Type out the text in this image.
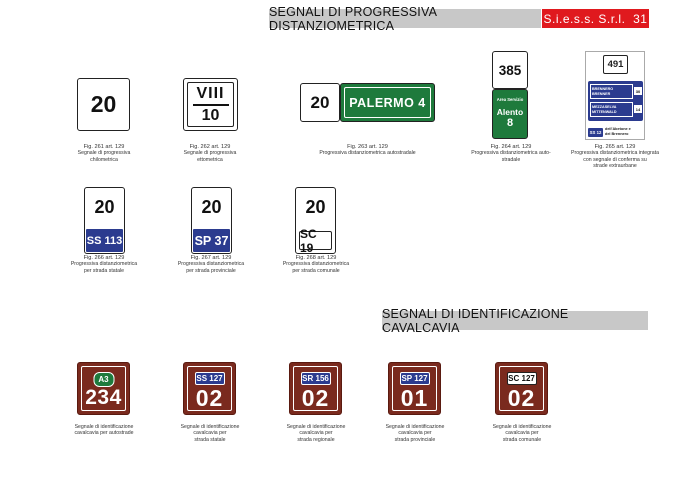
SEGNALI DI PROGRESSIVA DISTANZIOMETRICA	S.i.e.s.s. S.r.l.
31
20
Fig. 261 art. 129
Segnale di progressiva
chilometrica
VIII
10
Fig. 262 art. 129
Segnale di progressiva
ettometrica
20	PALERMO 4
Fig. 263 art. 129
Progressiva distanziometrica autostradale
385
Area Servizio
Alento
8
Fig. 264 art. 129
Progressiva distanziometrica auto-
stradale
491
BRENNERO
BRENNER
30
MEZZASELVA
MITTENWALD
14
SS 12
dell'Abetone e
del Brennero
Fig. 265 art. 129
Progressiva distanziometrica integrata
con segnale di conferma su
strade extraurbane
20
SS 113
Fig. 266 art. 129
Progressiva distanziometrica
per strada statale
20
SP 37
Fig. 267 art. 129
Progressiva distanziometrica
per strada provinciale
20
SC 19
Fig. 268 art. 129
Progressiva distanziometrica
per strada comunale
SEGNALI DI IDENTIFICAZIONE CAVALCAVIA
A3
234
Segnale di identificazione
cavalcavia per autostrade
SS 127
02
Segnale di identificazione
cavalcavia per
strada statale
SR 156
02
Segnale di identificazione
cavalcavia per
strada regionale
SP 127
01
Segnale di identificazione
cavalcavia per
strada provinciale
SC 127
02
Segnale di identificazione
cavalcavia per
strada comunale
